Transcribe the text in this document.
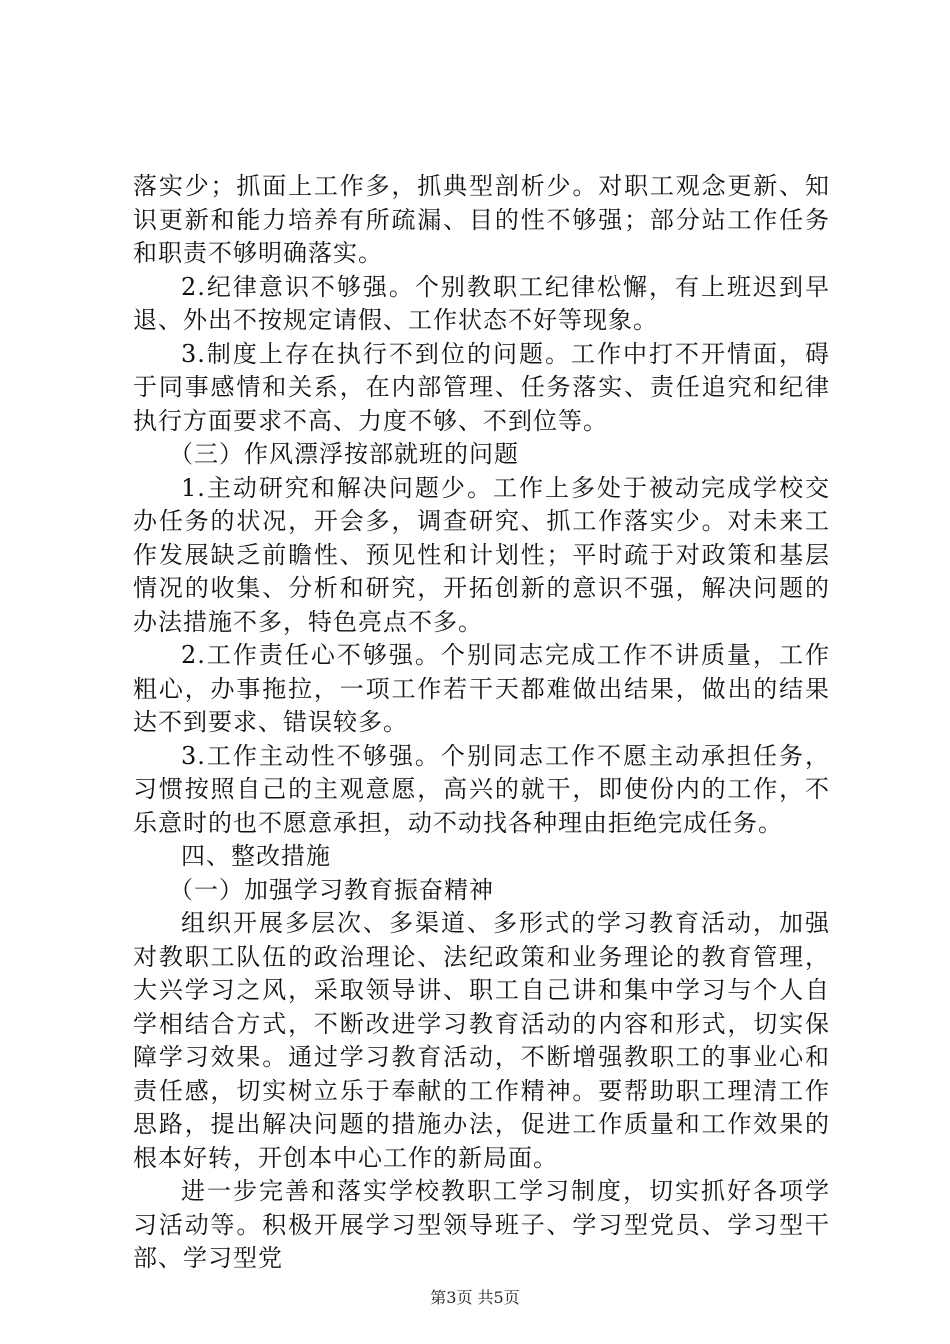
落实少；抓面上工作多，抓典型剖析少。对职工观念更新、知识更新和能力培养有所疏漏、目的性不够强；部分站工作任务和职责不够明确落实。

2.纪律意识不够强。个别教职工纪律松懈，有上班迟到早退、外出不按规定请假、工作状态不好等现象。

3.制度上存在执行不到位的问题。工作中打不开情面，碍于同事感情和关系，在内部管理、任务落实、责任追究和纪律执行方面要求不高、力度不够、不到位等。

（三）作风漂浮按部就班的问题

1.主动研究和解决问题少。工作上多处于被动完成学校交办任务的状况，开会多，调查研究、抓工作落实少。对未来工作发展缺乏前瞻性、预见性和计划性；平时疏于对政策和基层情况的收集、分析和研究，开拓创新的意识不强，解决问题的办法措施不多，特色亮点不多。

2.工作责任心不够强。个别同志完成工作不讲质量，工作粗心，办事拖拉，一项工作若干天都难做出结果，做出的结果达不到要求、错误较多。

3.工作主动性不够强。个别同志工作不愿主动承担任务，习惯按照自己的主观意愿，高兴的就干，即使份内的工作，不乐意时的也不愿意承担，动不动找各种理由拒绝完成任务。

四、整改措施

（一）加强学习教育振奋精神

组织开展多层次、多渠道、多形式的学习教育活动，加强对教职工队伍的政治理论、法纪政策和业务理论的教育管理，大兴学习之风，采取领导讲、职工自己讲和集中学习与个人自学相结合方式，不断改进学习教育活动的内容和形式，切实保障学习效果。通过学习教育活动，不断增强教职工的事业心和责任感，切实树立乐于奉献的工作精神。要帮助职工理清工作思路，提出解决问题的措施办法，促进工作质量和工作效果的根本好转，开创本中心工作的新局面。

进一步完善和落实学校教职工学习制度，切实抓好各项学习活动等。积极开展学习型领导班子、学习型党员、学习型干部、学习型党

第3页 共5页
